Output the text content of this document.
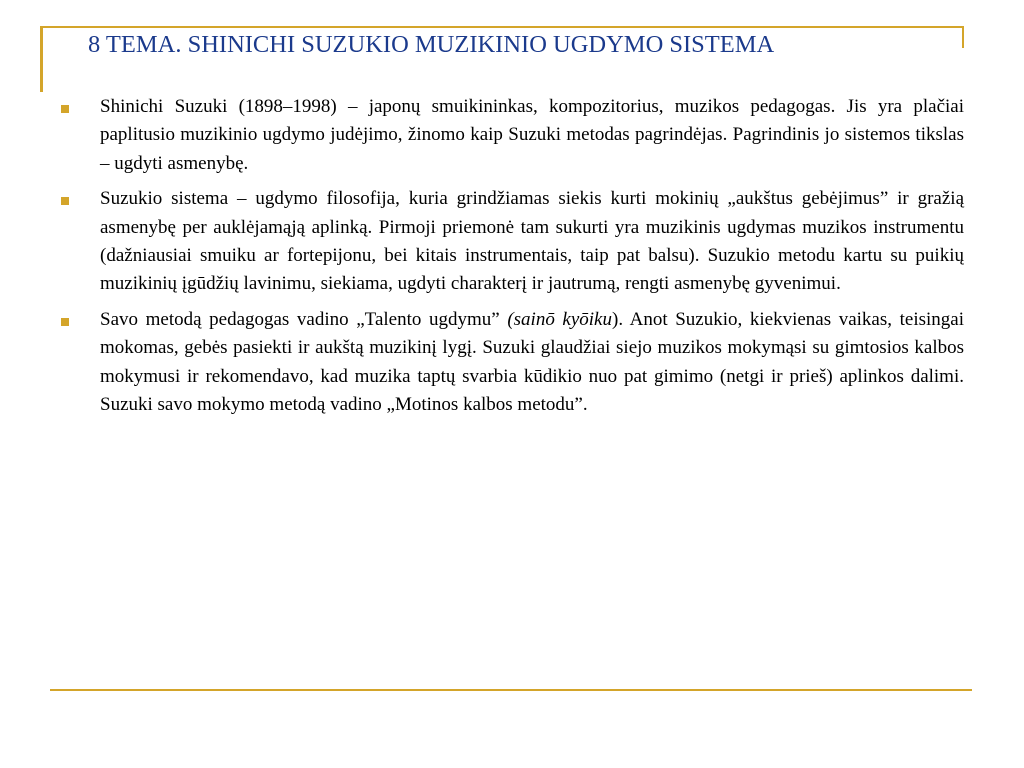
8 TEMA. SHINICHI SUZUKIO MUZIKINIO UGDYMO SISTEMA
Shinichi Suzuki (1898–1998) – japonų smuikininkas, kompozitorius, muzikos pedagogas. Jis yra plačiai paplitusio muzikinio ugdymo judėjimo, žinomo kaip Suzuki metodas pagrindėjas. Pagrindinis jo sistemos tikslas – ugdyti asmenybę.
Suzukio sistema – ugdymo filosofija, kuria grindžiamas siekis kurti mokinių „aukštus gebėjimus” ir gražią asmenybę per auklėjamąją aplinką. Pirmoji priemonė tam sukurti yra muzikinis ugdymas muzikos instrumentu (dažniausiai smuiku ar fortepijonu, bei kitais instrumentais, taip pat balsu). Suzukio metodu kartu su puikių muzikinių įgūdžių lavinimu, siekiama, ugdyti charakterį ir jautrumą, rengti asmenybę gyvenimui.
Savo metodą pedagogas vadino „Talento ugdymu” (sainō kyōiku). Anot Suzukio, kiekvienas vaikas, teisingai mokomas, gebės pasiekti ir aukštą muzikinį lygį. Suzuki glaudžiai siejo muzikos mokymąsi su gimtosios kalbos mokymusi ir rekomendavo, kad muzika taptų svarbia kūdikio nuo pat gimimo (netgi ir prieš) aplinkos dalimi. Suzuki savo mokymo metodą vadino „Motinos kalbos metodu”.
